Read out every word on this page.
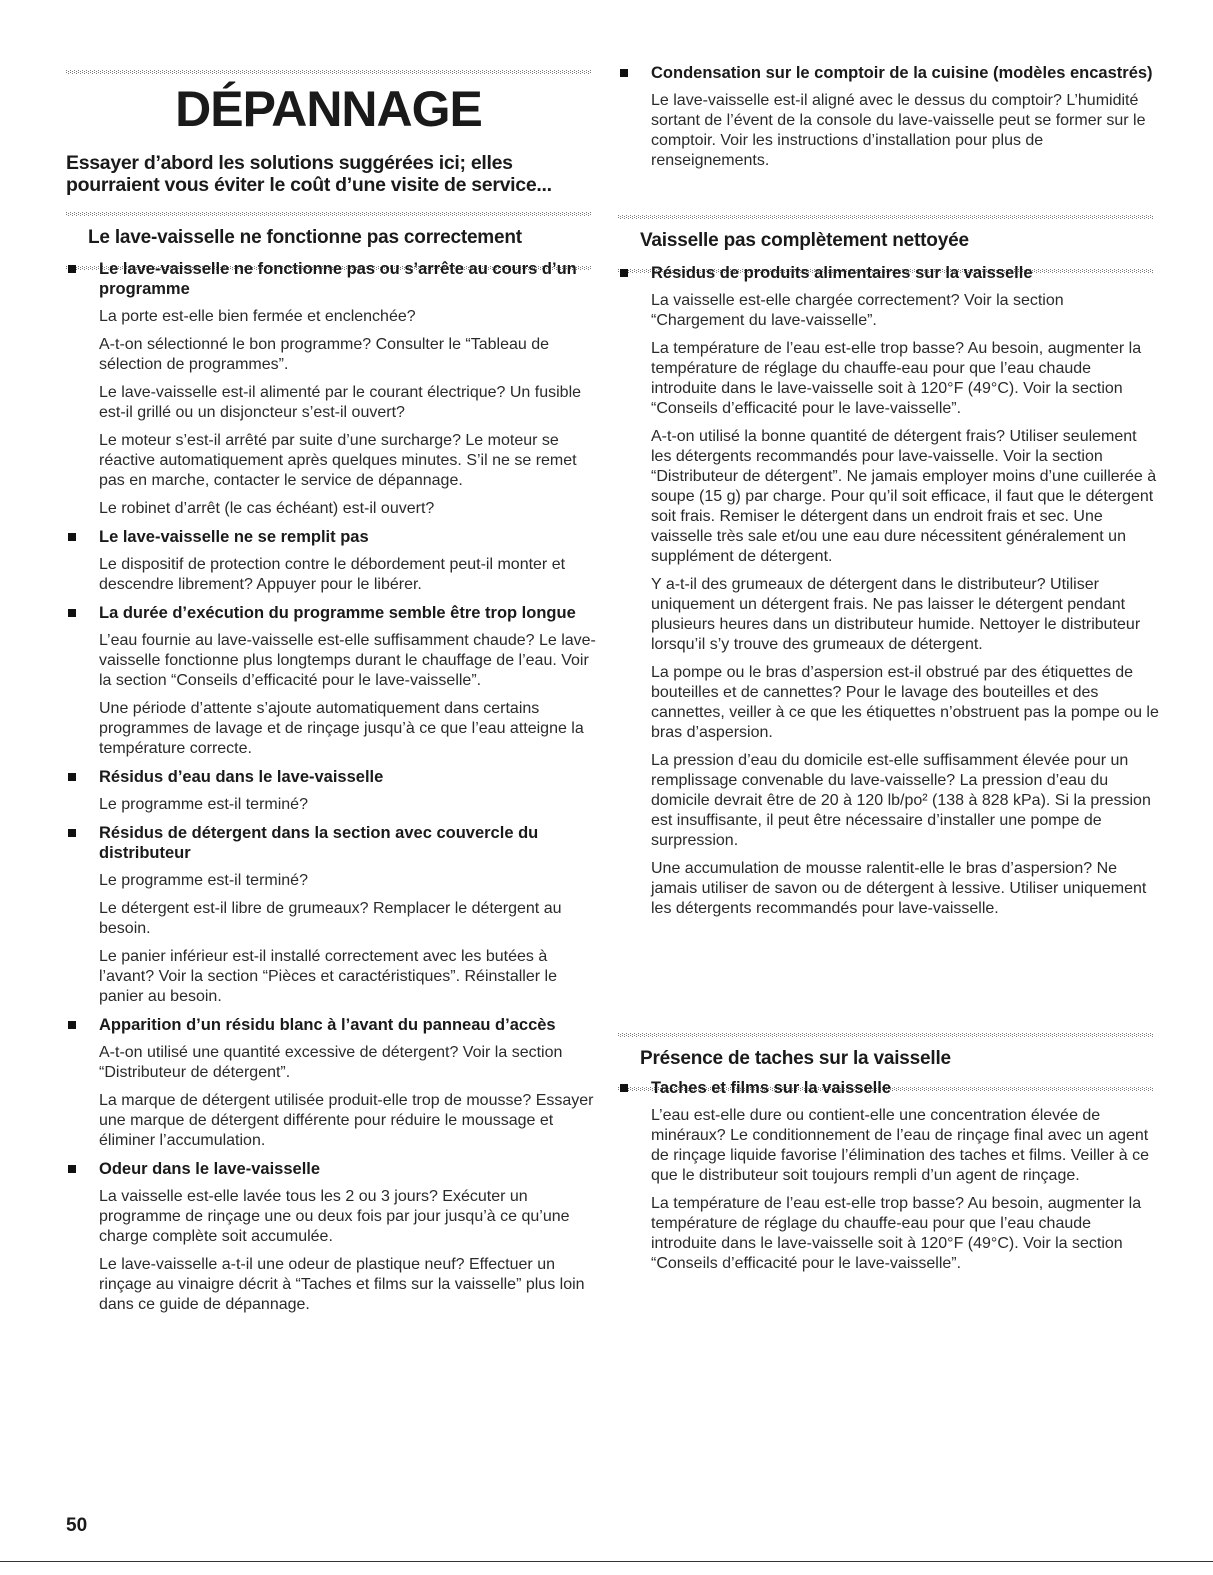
DÉPANNAGE

Essayer d’abord les solutions suggérées ici; elles pourraient vous éviter le coût d’une visite de service...

Le lave-vaisselle ne fonctionne pas correctement
Le lave-vaisselle ne fonctionne pas ou s’arrête au cours d’un programme

La porte est-elle bien fermée et enclenchée?

A-t-on sélectionné le bon programme? Consulter le “Tableau de sélection de programmes”.

Le lave-vaisselle est-il alimenté par le courant électrique? Un fusible est-il grillé ou un disjoncteur s’est-il ouvert?

Le moteur s’est-il arrêté par suite d’une surcharge? Le moteur se réactive automatiquement après quelques minutes. S’il ne se remet pas en marche, contacter le service de dépannage.

Le robinet d’arrêt (le cas échéant) est-il ouvert?

Le lave-vaisselle ne se remplit pas

Le dispositif de protection contre le débordement peut-il monter et descendre librement? Appuyer pour le libérer.

La durée d’exécution du programme semble être trop longue

L’eau fournie au lave-vaisselle est-elle suffisamment chaude? Le lave-vaisselle fonctionne plus longtemps durant le chauffage de l’eau. Voir la section “Conseils d’efficacité pour le lave-vaisselle”.

Une période d’attente s’ajoute automatiquement dans certains programmes de lavage et de rinçage jusqu’à ce que l’eau atteigne la température correcte.

Résidus d’eau dans le lave-vaisselle

Le programme est-il terminé?

Résidus de détergent dans la section avec couvercle du distributeur

Le programme est-il terminé?

Le détergent est-il libre de grumeaux? Remplacer le détergent au besoin.

Le panier inférieur est-il installé correctement avec les butées à l’avant? Voir la section “Pièces et caractéristiques”. Réinstaller le panier au besoin.

Apparition d’un résidu blanc à l’avant du panneau d’accès

A-t-on utilisé une quantité excessive de détergent? Voir la section “Distributeur de détergent”.

La marque de détergent utilisée produit-elle trop de mousse? Essayer une marque de détergent différente pour réduire le moussage et éliminer l’accumulation.

Odeur dans le lave-vaisselle

La vaisselle est-elle lavée tous les 2 ou 3 jours? Exécuter un programme de rinçage une ou deux fois par jour jusqu’à ce qu’une charge complète soit accumulée.

Le lave-vaisselle a-t-il une odeur de plastique neuf? Effectuer un rinçage au vinaigre décrit à “Taches et films sur la vaisselle” plus loin dans ce guide de dépannage.

Condensation sur le comptoir de la cuisine (modèles encastrés)

Le lave-vaisselle est-il aligné avec le dessus du comptoir? L’humidité sortant de l’évent de la console du lave-vaisselle peut se former sur le comptoir. Voir les instructions d’installation pour plus de renseignements.

Vaisselle pas complètement nettoyée
Résidus de produits alimentaires sur la vaisselle

La vaisselle est-elle chargée correctement? Voir la section “Chargement du lave-vaisselle”.

La température de l’eau est-elle trop basse? Au besoin, augmenter la température de réglage du chauffe-eau pour que l’eau chaude introduite dans le lave-vaisselle soit à 120°F (49°C). Voir la section “Conseils d’efficacité pour le lave-vaisselle”.

A-t-on utilisé la bonne quantité de détergent frais? Utiliser seulement les détergents recommandés pour lave-vaisselle. Voir la section “Distributeur de détergent”. Ne jamais employer moins d’une cuillerée à soupe (15 g) par charge. Pour qu’il soit efficace, il faut que le détergent soit frais. Remiser le détergent dans un endroit frais et sec. Une vaisselle très sale et/ou une eau dure nécessitent généralement un supplément de détergent.

Y a-t-il des grumeaux de détergent dans le distributeur? Utiliser uniquement un détergent frais. Ne pas laisser le détergent pendant plusieurs heures dans un distributeur humide. Nettoyer le distributeur lorsqu’il s’y trouve des grumeaux de détergent.

La pompe ou le bras d’aspersion est-il obstrué par des étiquettes de bouteilles et de cannettes? Pour le lavage des bouteilles et des cannettes, veiller à ce que les étiquettes n’obstruent pas la pompe ou le bras d’aspersion.

La pression d’eau du domicile est-elle suffisamment élevée pour un remplissage convenable du lave-vaisselle? La pression d’eau du domicile devrait être de 20 à 120 lb/po² (138 à 828 kPa). Si la pression est insuffisante, il peut être nécessaire d’installer une pompe de surpression.

Une accumulation de mousse ralentit-elle le bras d’aspersion? Ne jamais utiliser de savon ou de détergent à lessive. Utiliser uniquement les détergents recommandés pour lave-vaisselle.

Présence de taches sur la vaisselle
Taches et films sur la vaisselle

L’eau est-elle dure ou contient-elle une concentration élevée de minéraux? Le conditionnement de l’eau de rinçage final avec un agent de rinçage liquide favorise l’élimination des taches et films. Veiller à ce que le distributeur soit toujours rempli d’un agent de rinçage.

La température de l’eau est-elle trop basse? Au besoin, augmenter la température de réglage du chauffe-eau pour que l’eau chaude introduite dans le lave-vaisselle soit à 120°F (49°C). Voir la section “Conseils d’efficacité pour le lave-vaisselle”.

50
